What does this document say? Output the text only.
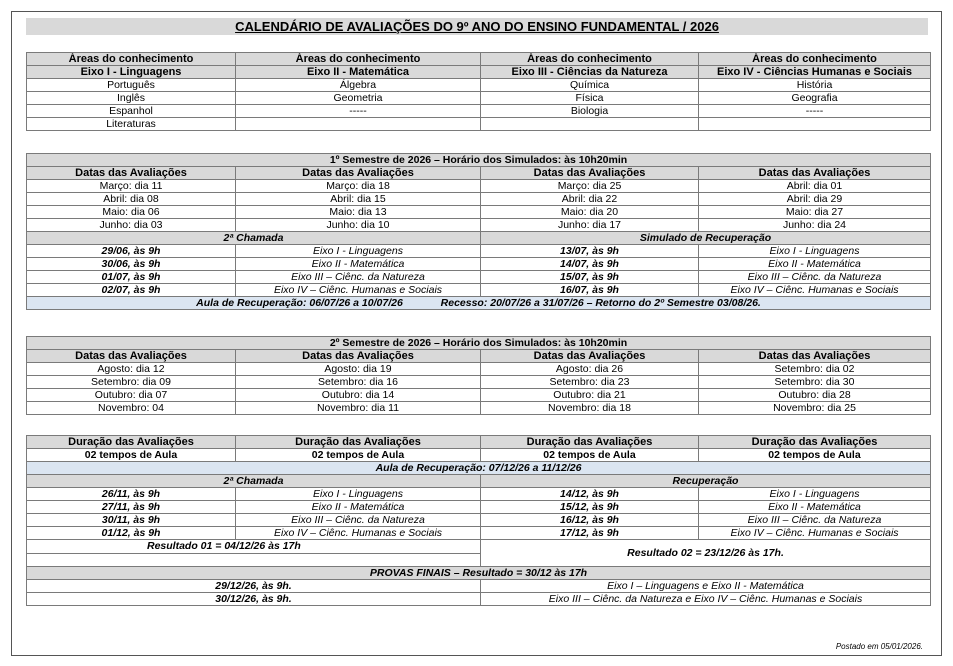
CALENDÁRIO DE AVALIAÇÕES DO 9º ANO DO ENSINO FUNDAMENTAL / 2026
Áreas do conhecimento	Áreas do conhecimento	Áreas do conhecimento	Áreas do conhecimento
Eixo I - Linguagens	Eixo II - Matemática	Eixo III - Ciências da Natureza	Eixo IV - Ciências Humanas e Sociais
Português	Álgebra	Química	História
Inglês	Geometria	Física	Geografia
Espanhol	-----	Biologia	-----
Literaturas			
1º Semestre de 2026 – Horário dos Simulados: às 10h20min			
Datas das Avaliações	Datas das Avaliações	Datas das Avaliações	Datas das Avaliações
Março: dia 11	Março: dia 18	Março: dia 25	Abril: dia 01
Abril: dia 08	Abril: dia 15	Abril: dia 22	Abril: dia 29
Maio: dia 06	Maio: dia 13	Maio: dia 20	Maio: dia 27
Junho: dia 03	Junho: dia 10	Junho: dia 17	Junho: dia 24
2ª Chamada		Simulado de Recuperação	
29/06, às 9h	Eixo I - Linguagens	13/07, às 9h	Eixo I - Linguagens
30/06, às 9h	Eixo II - Matemática	14/07, às 9h	Eixo II - Matemática
01/07, às 9h	Eixo III – Ciênc. da Natureza	15/07, às 9h	Eixo III – Ciênc. da Natureza
02/07, às 9h	Eixo IV – Ciênc. Humanas e Sociais	16/07, às 9h	Eixo IV – Ciênc. Humanas e Sociais
Aula de Recuperação: 06/07/26 a 10/07/26 Recesso: 20/07/26 a 31/07/26 – Retorno do 2º Semestre 03/08/26.			
2º Semestre de 2026 – Horário dos Simulados: às 10h20min			
Datas das Avaliações	Datas das Avaliações	Datas das Avaliações	Datas das Avaliações
Agosto: dia 12	Agosto: dia 19	Agosto: dia 26	Setembro: dia 02
Setembro: dia 09	Setembro: dia 16	Setembro: dia 23	Setembro: dia 30
Outubro: dia 07	Outubro: dia 14	Outubro: dia 21	Outubro: dia 28
Novembro: 04	Novembro: dia 11	Novembro: dia 18	Novembro: dia 25
Duração das Avaliações	Duração das Avaliações	Duração das Avaliações	Duração das Avaliações
02 tempos de Aula	02 tempos de Aula	02 tempos de Aula	02 tempos de Aula
Aula de Recuperação: 07/12/26 a 11/12/26			
2ª Chamada		Recuperação	
26/11, às 9h	Eixo I - Linguagens	14/12, às 9h	Eixo I - Linguagens
27/11, às 9h	Eixo II - Matemática	15/12, às 9h	Eixo II - Matemática
30/11, às 9h	Eixo III – Ciênc. da Natureza	16/12, às 9h	Eixo III – Ciênc. da Natureza
01/12, às 9h	Eixo IV – Ciênc. Humanas e Sociais	17/12, às 9h	Eixo IV – Ciênc. Humanas e Sociais
Resultado 01 = 04/12/26 às 17h		Resultado 02 = 23/12/26 às 17h.	

PROVAS FINAIS – Resultado = 30/12 às 17h			
29/12/26, às 9h.		Eixo I – Linguagens e Eixo II - Matemática	
30/12/26, às 9h.		Eixo III – Ciênc. da Natureza e Eixo IV – Ciênc. Humanas e Sociais	
Postado em 05/01/2026.
